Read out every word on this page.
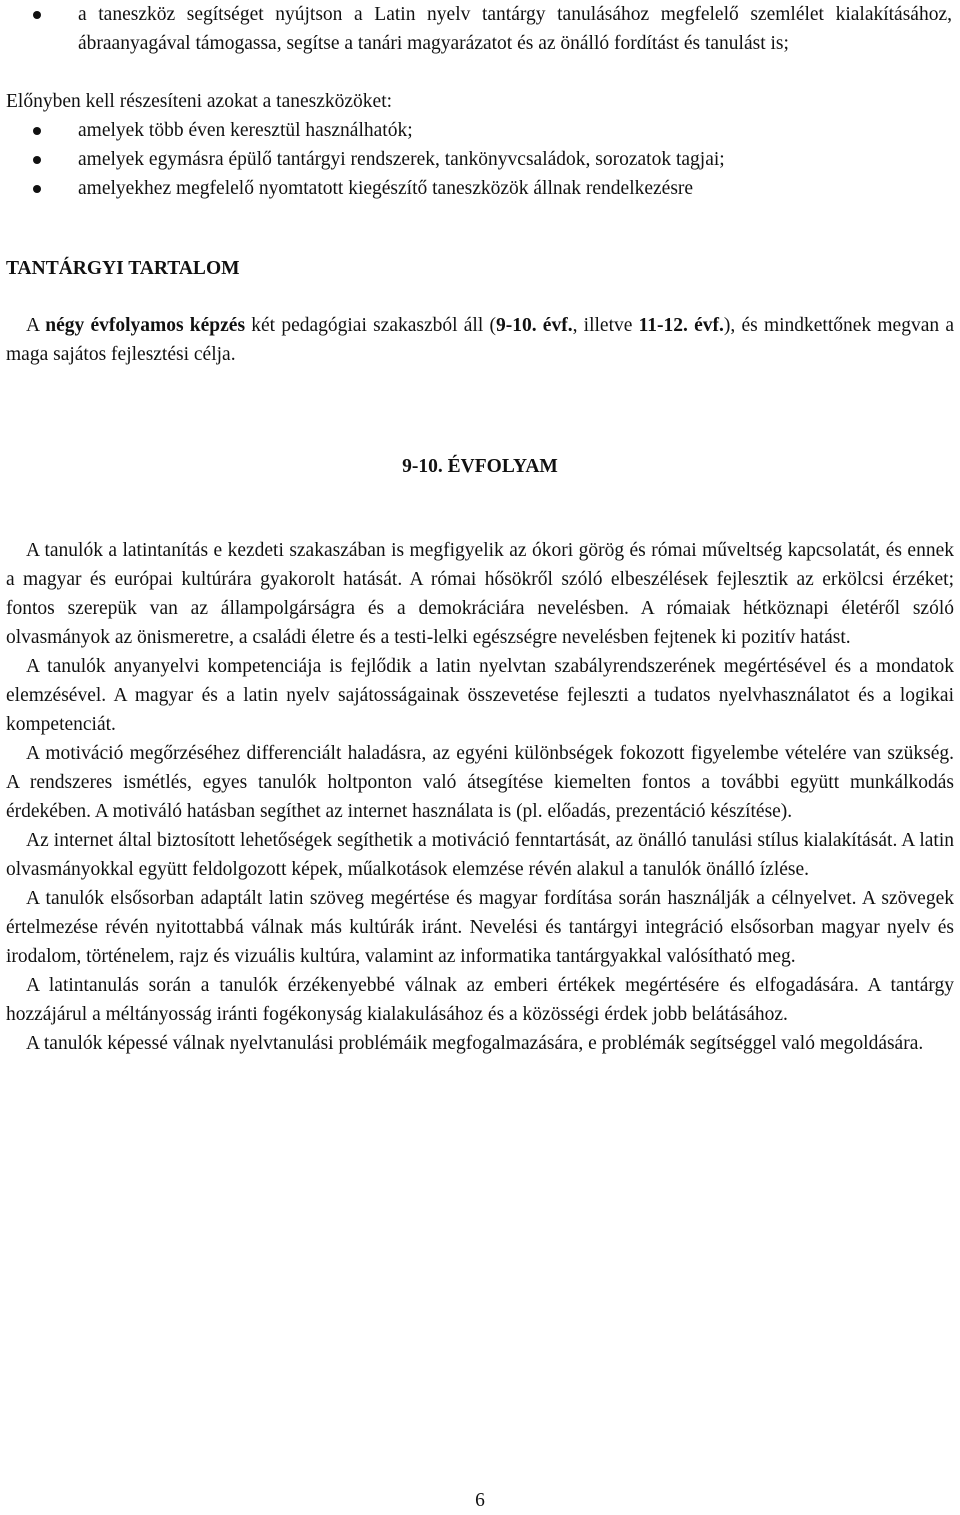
a taneszköz segítséget nyújtson a Latin nyelv tantárgy tanulásához megfelelő szemlélet kialakításához, ábraanyagával támogassa, segítse a tanári magyarázatot és az önálló fordítást és tanulást is;
Előnyben kell részesíteni azokat a taneszközöket:
amelyek több éven keresztül használhatók;
amelyek egymásra épülő tantárgyi rendszerek, tankönyvcsaládok, sorozatok tagjai;
amelyekhez megfelelő nyomtatott kiegészítő taneszközök állnak rendelkezésre
TANTÁRGYI TARTALOM

A négy évfolyamos képzés két pedagógiai szakaszból áll (9-10. évf., illetve 11-12. évf.), és mindkettőnek megvan a maga sajátos fejlesztési célja.

9-10. ÉVFOLYAM

A tanulók a latintanítás e kezdeti szakaszában is megfigyelik az ókori görög és római műveltség kapcsolatát, és ennek a magyar és európai kultúrára gyakorolt hatását. A római hősökről szóló elbeszélések fejlesztik az erkölcsi érzéket; fontos szerepük van az állampolgárságra és a demokráciára nevelésben. A rómaiak hétköznapi életéről szóló olvasmányok az önismeretre, a családi életre és a testi-lelki egészségre nevelésben fejtenek ki pozitív hatást.

A tanulók anyanyelvi kompetenciája is fejlődik a latin nyelvtan szabályrendszerének megértésével és a mondatok elemzésével. A magyar és a latin nyelv sajátosságainak összevetése fejleszti a tudatos nyelvhasználatot és a logikai kompetenciát.

A motiváció megőrzéséhez differenciált haladásra, az egyéni különbségek fokozott figyelembe vételére van szükség. A rendszeres ismétlés, egyes tanulók holtponton való átsegítése kiemelten fontos a további együtt munkálkodás érdekében. A motiváló hatásban segíthet az internet használata is (pl. előadás, prezentáció készítése).

Az internet által biztosított lehetőségek segíthetik a motiváció fenntartását, az önálló tanulási stílus kialakítását. A latin olvasmányokkal együtt feldolgozott képek, műalkotások elemzése révén alakul a tanulók önálló ízlése.

A tanulók elsősorban adaptált latin szöveg megértése és magyar fordítása során használják a célnyelvet. A szövegek értelmezése révén nyitottabbá válnak más kultúrák iránt. Nevelési és tantárgyi integráció elsősorban magyar nyelv és irodalom, történelem, rajz és vizuális kultúra, valamint az informatika tantárgyakkal valósítható meg.

A latintanulás során a tanulók érzékenyebbé válnak az emberi értékek megértésére és elfogadására. A tantárgy hozzájárul a méltányosság iránti fogékonyság kialakulásához és a közösségi érdek jobb belátásához.

A tanulók képessé válnak nyelvtanulási problémáik megfogalmazására, e problémák segítséggel való megoldására.

6
